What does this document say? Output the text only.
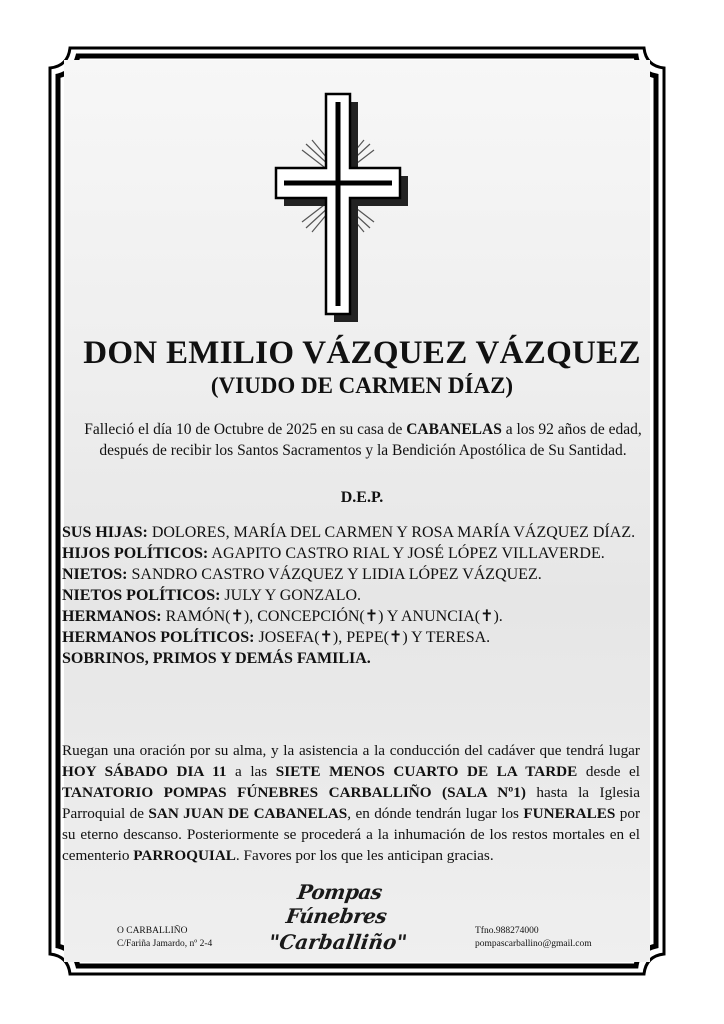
DON EMILIO VÁZQUEZ VÁZQUEZ
(VIUDO DE CARMEN DÍAZ)
Falleció el día 10 de Octubre de 2025 en su casa de CABANELAS a los 92 años de edad, después de recibir los Santos Sacramentos y la Bendición Apostólica de Su Santidad.
D.E.P.

SUS HIJAS: DOLORES, MARÍA DEL CARMEN Y ROSA MARÍA VÁZQUEZ DÍAZ.

HIJOS POLÍTICOS: AGAPITO CASTRO RIAL Y JOSÉ LÓPEZ VILLAVERDE.

NIETOS: SANDRO CASTRO VÁZQUEZ Y LIDIA LÓPEZ VÁZQUEZ.

NIETOS POLÍTICOS: JULY Y GONZALO.

HERMANOS: RAMÓN(✝), CONCEPCIÓN(✝) Y ANUNCIA(✝).

HERMANOS POLÍTICOS: JOSEFA(✝), PEPE(✝) Y TERESA.

SOBRINOS, PRIMOS Y DEMÁS FAMILIA.

Ruegan una oración por su alma, y la asistencia a la conducción del cadáver que tendrá lugar HOY SÁBADO DIA 11 a las SIETE MENOS CUARTO DE LA TARDE desde el TANATORIO POMPAS FÚNEBRES CARBALLIÑO (SALA Nº1) hasta la Iglesia Parroquial de SAN JUAN DE CABANELAS, en dónde tendrán lugar los FUNERALES por su eterno descanso. Posteriormente se procederá a la inhumación de los restos mortales en el cementerio PARROQUIAL. Favores por los que les anticipan gracias.
Pompas Fúnebres
"Carballiño"
O CARBALLIÑO
C/Fariña Jamardo, nº 2-4
Tfno.988274000
pompascarballino@gmail.com
